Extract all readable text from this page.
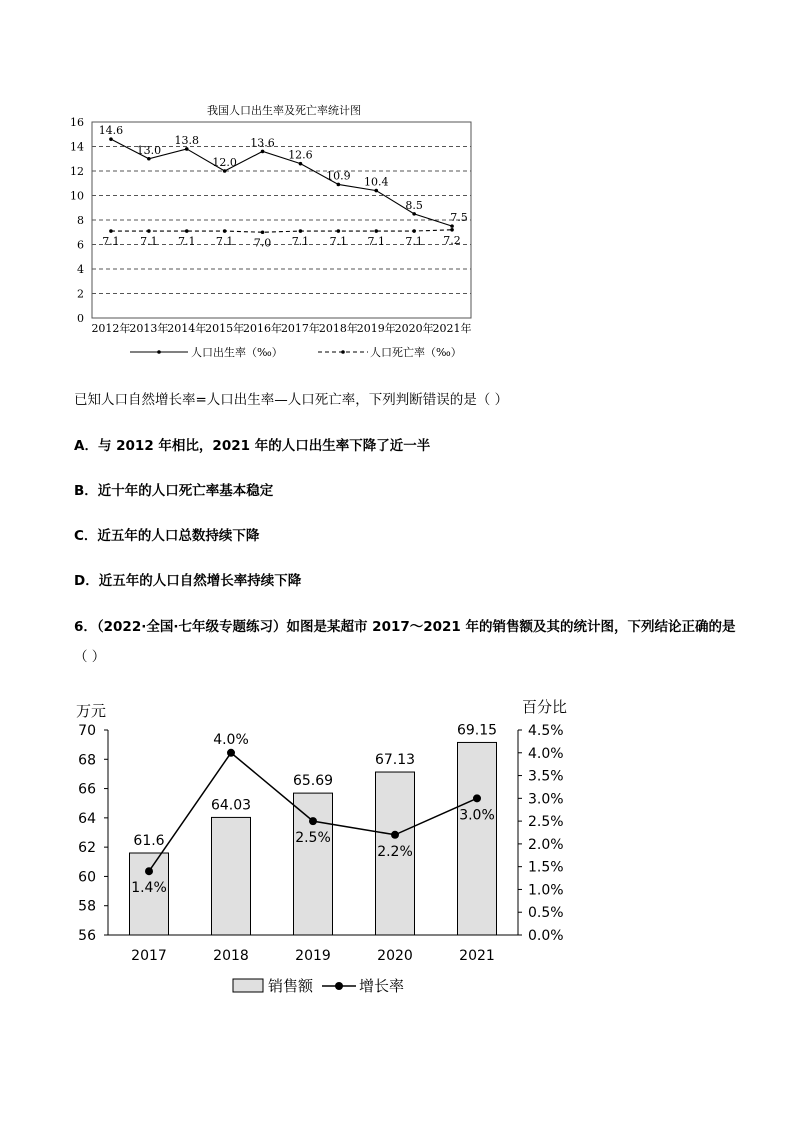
我国人口出生率及死亡率统计图
0
2
4
6
8
10
12
14
16
2012年
2013年
2014年
2015年
2016年
2017年
2018年
2019年
2020年
2021年
14.6
13.0
13.8
12.0
13.6
12.6
10.9 10.4
8.5
7.5
7.1 7.1 7.1 7.1 7.0 7.1 7.1 7.1 7.1 7.2
人口出生率（‰）	人口死亡率（‰）
已知人口自然增长率=人口出生率—人口死亡率，下列判断错误的是（ ）
A．与 2012 年相比，2021 年的人口出生率下降了近一半
B．近十年的人口死亡率基本稳定
C．近五年的人口总数持续下降
D．近五年的人口自然增长率持续下降
6．（2022·全国·七年级专题练习）如图是某超市 2017～2021 年的销售额及其的统计图，下列结论正确的是
（ ）
万元	百分比
56
58
60
62
64
66
68
70
0.0%
0.5%
1.0%
1.5%
2.0%
2.5%
3.0%
3.5%
4.0%
4.5%
61.6
64.03
65.69
67.13
69.15
1.4%
4.0%
2.5%
2.2%
3.0%
2017	2018	2019	2020	2021
销售额	增长率
